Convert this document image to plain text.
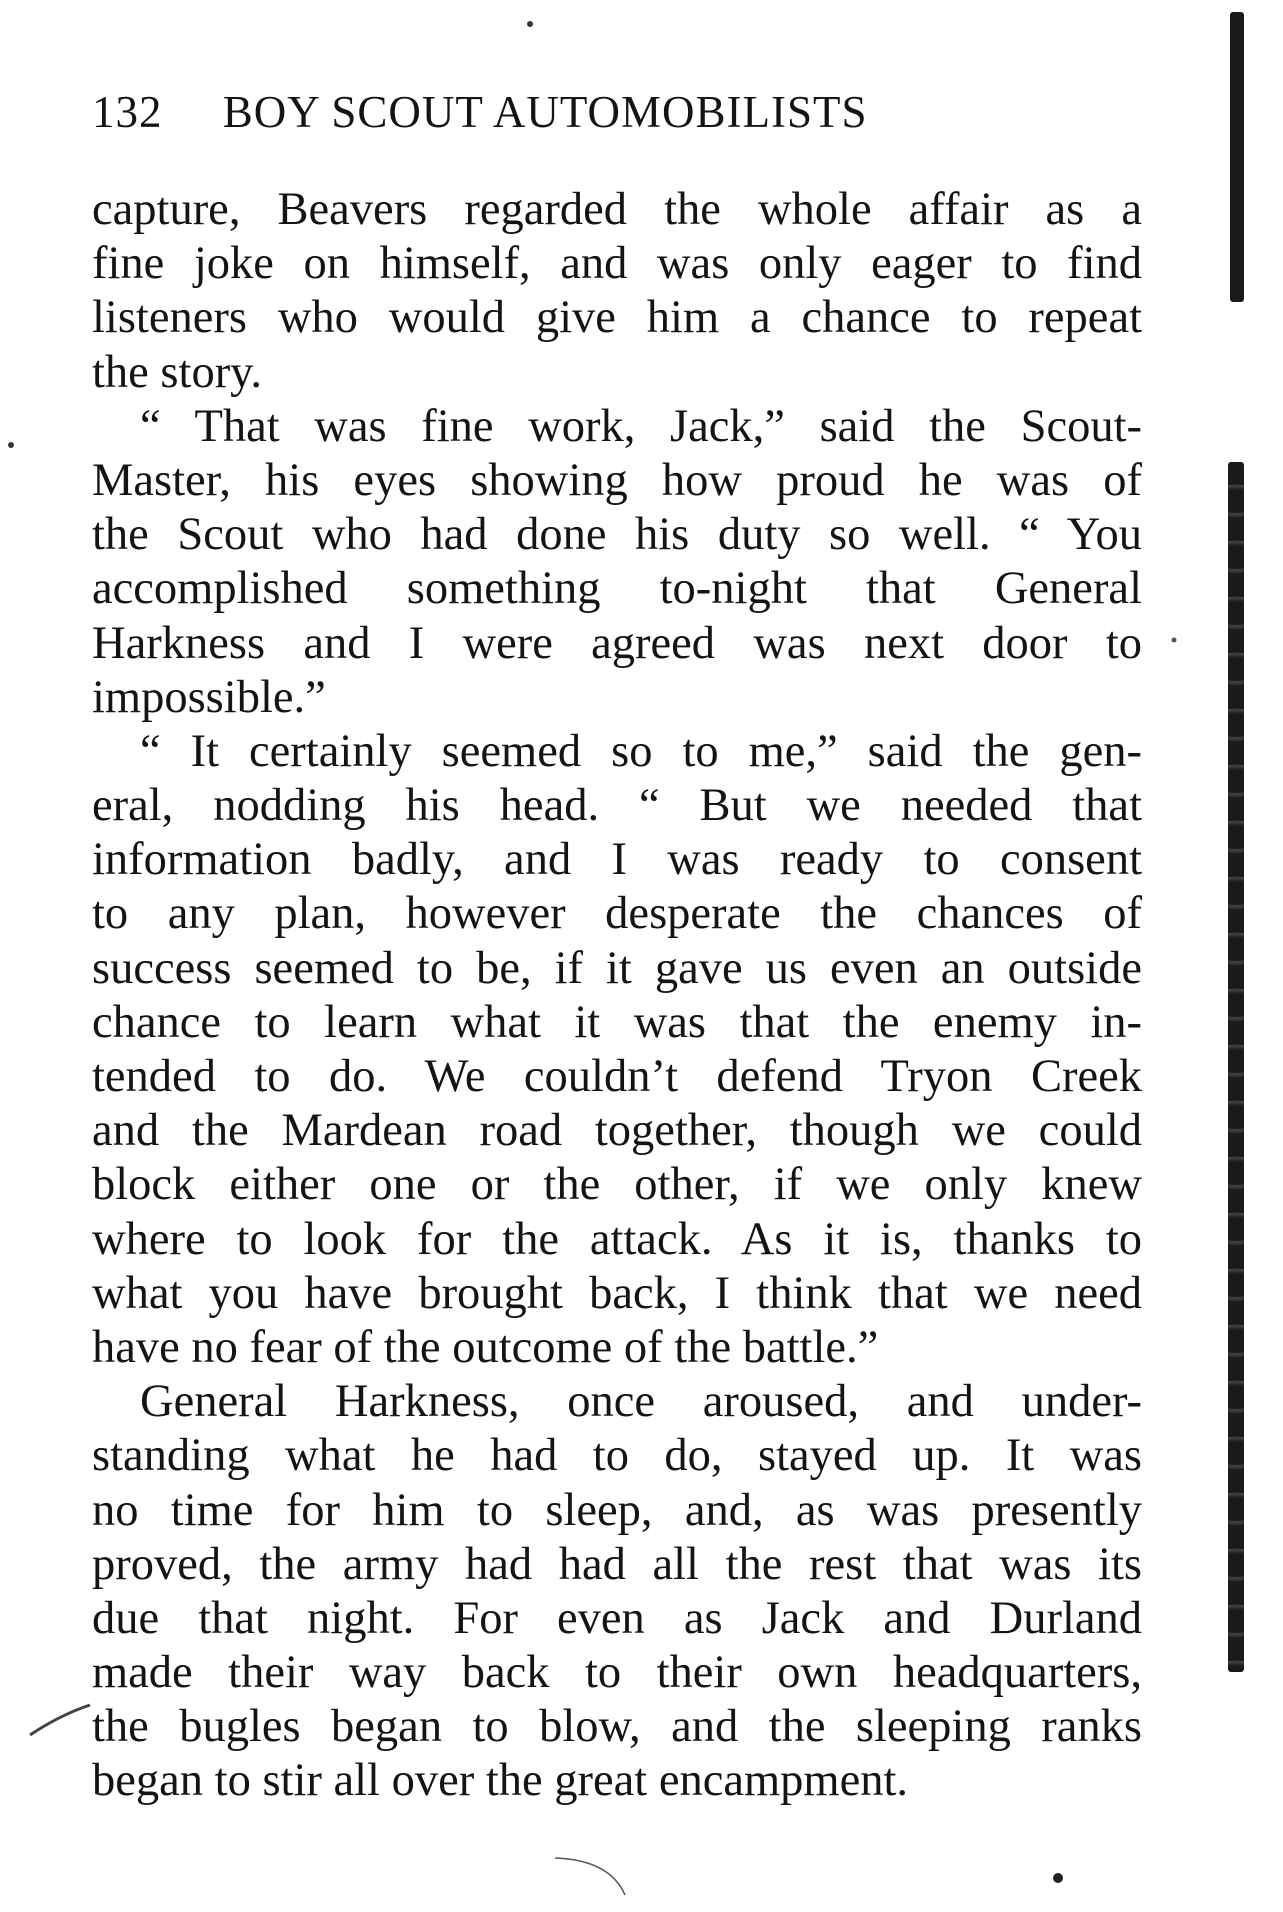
132 BOY SCOUT AUTOMOBILISTS
capture, Beavers regarded the whole affair as a
fine joke on himself, and was only eager to find
listeners who would give him a chance to repeat
the story.
“ That was fine work, Jack,” said the Scout-
Master, his eyes showing how proud he was of
the Scout who had done his duty so well. “ You
accomplished something to-night that General
Harkness and I were agreed was next door to
impossible.”
“ It certainly seemed so to me,” said the gen-
eral, nodding his head. “ But we needed that
information badly, and I was ready to consent
to any plan, however desperate the chances of
success seemed to be, if it gave us even an outside
chance to learn what it was that the enemy in-
tended to do. We couldn’t defend Tryon Creek
and the Mardean road together, though we could
block either one or the other, if we only knew
where to look for the attack. As it is, thanks to
what you have brought back, I think that we need
have no fear of the outcome of the battle.”
General Harkness, once aroused, and under-
standing what he had to do, stayed up. It was
no time for him to sleep, and, as was presently
proved, the army had had all the rest that was its
due that night. For even as Jack and Durland
made their way back to their own headquarters,
the bugles began to blow, and the sleeping ranks
began to stir all over the great encampment.
